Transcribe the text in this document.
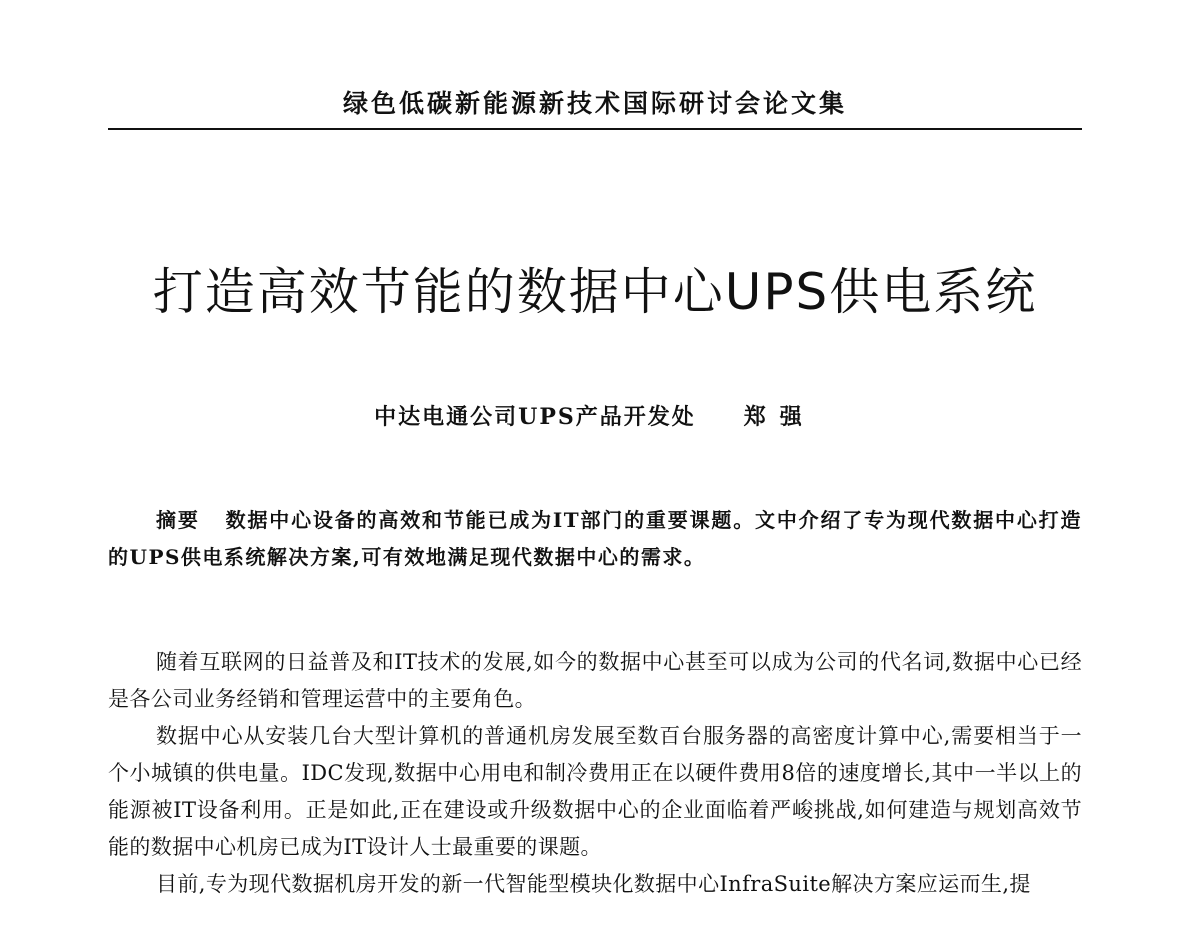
绿色低碳新能源新技术国际研讨会论文集
打造高效节能的数据中心UPS供电系统
中达电通公司UPS产品开发处 郑强
摘要 数据中心设备的高效和节能已成为IT部门的重要课题。文中介绍了专为现代数据中心打造的UPS供电系统解决方案,可有效地满足现代数据中心的需求。

随着互联网的日益普及和IT技术的发展,如今的数据中心甚至可以成为公司的代名词,数据中心已经是各公司业务经销和管理运营中的主要角色。

数据中心从安装几台大型计算机的普通机房发展至数百台服务器的高密度计算中心,需要相当于一个小城镇的供电量。IDC发现,数据中心用电和制冷费用正在以硬件费用8倍的速度增长,其中一半以上的能源被IT设备利用。正是如此,正在建设或升级数据中心的企业面临着严峻挑战,如何建造与规划高效节能的数据中心机房已成为IT设计人士最重要的课题。

目前,专为现代数据机房开发的新一代智能型模块化数据中心InfraSuite解决方案应运而生,提
